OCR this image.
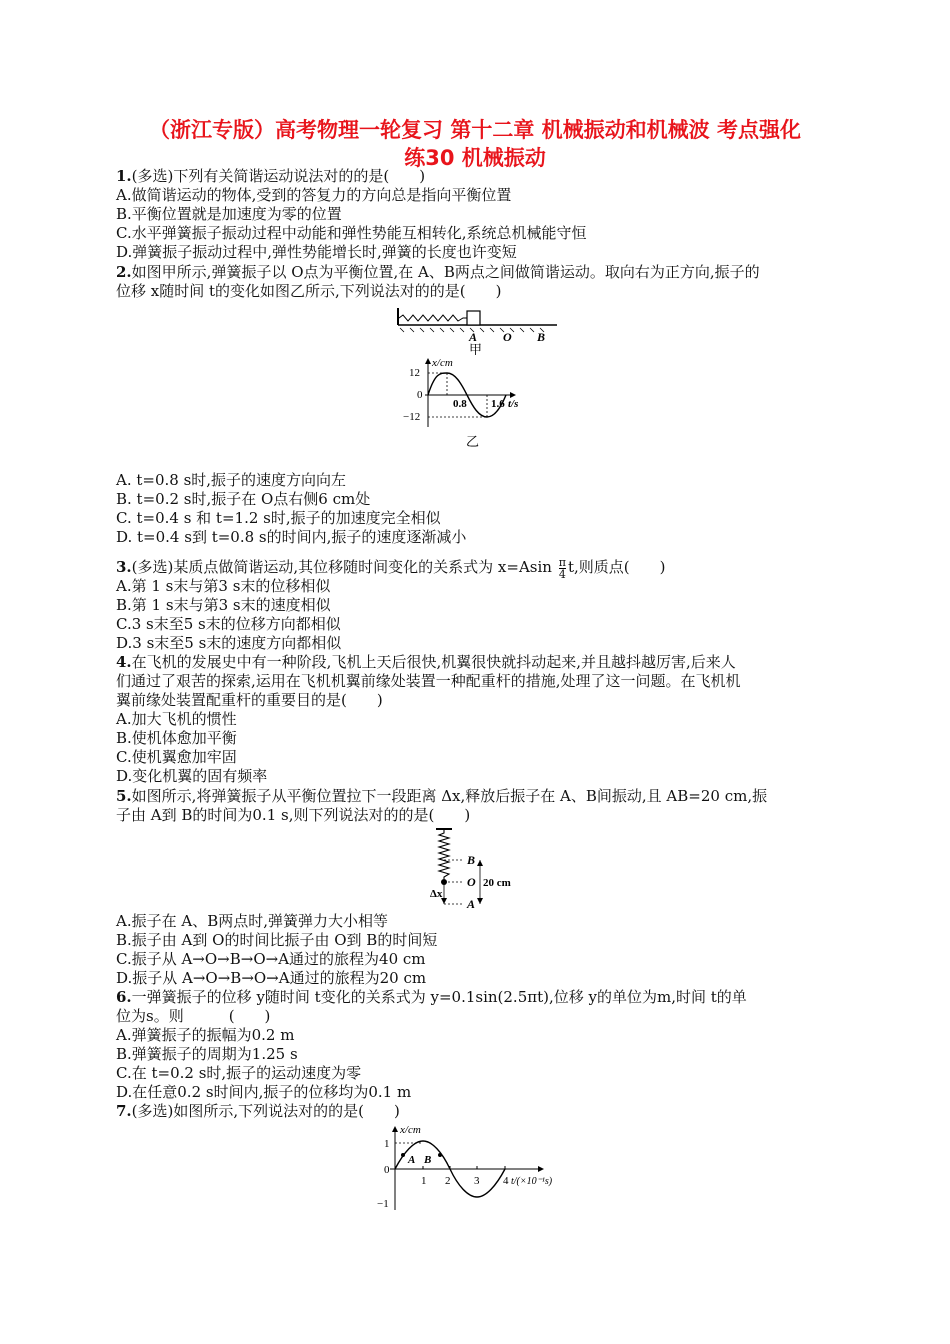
（浙江专版）高考物理一轮复习 第十二章 机械振动和机械波 考点强化
练30 机械振动
1.(多选)下列有关简谐运动说法对的的是(　　)
A.做简谐运动的物体,受到的答复力的方向总是指向平衡位置
B.平衡位置就是加速度为零的位置
C.水平弹簧振子振动过程中动能和弹性势能互相转化,系统总机械能守恒
D.弹簧振子振动过程中,弹性势能增长时,弹簧的长度也许变短
2.如图甲所示,弹簧振子以 O点为平衡位置,在 A、B两点之间做简谐运动。取向右为正方向,振子的
位移 x随时间 t的变化如图乙所示,下列说法对的的是(　　)
A O B
甲
x/cm
12
0
−12
0.8 1.6 t/s
乙
A. t=0.8 s时,振子的速度方向向左
B. t=0.2 s时,振子在 O点右侧6 cm处
C. t=0.4 s 和 t=1.2 s时,振子的加速度完全相似
D. t=0.4 s到 t=0.8 s的时间内,振子的速度逐渐减小
3.(多选)某质点做简谐运动,其位移随时间变化的关系式为 $x=Asin \frac{\pi}{4} t$,则质点(　　)
A.第 1 s末与第3 s末的位移相似
B.第 1 s末与第3 s末的速度相似
C.3 s末至5 s末的位移方向都相似
D.3 s末至5 s末的速度方向都相似
4.在飞机的发展史中有一种阶段,飞机上天后很快,机翼很快就抖动起来,并且越抖越厉害,后来人
们通过了艰苦的探索,运用在飞机机翼前缘处装置一种配重杆的措施,处理了这一问题。在飞机机
翼前缘处装置配重杆的重要目的是(　　)
A.加大飞机的惯性
B.使机体愈加平衡
C.使机翼愈加牢固
D.变化机翼的固有频率
5.如图所示,将弹簧振子从平衡位置拉下一段距离 Δx,释放后振子在 A、B间振动,且 AB=20 cm,振
子由 A到 B的时间为0.1 s,则下列说法对的的是(　　)
B
O
A
Δx
20 cm
A.振子在 A、B两点时,弹簧弹力大小相等
B.振子由 A到 O的时间比振子由 O到 B的时间短
C.振子从 A→O→B→O→A通过的旅程为40 cm
D.振子从 A→O→B→O→A通过的旅程为20 cm
6.一弹簧振子的位移 y随时间 t变化的关系式为 y=0.1sin(2.5πt),位移 y的单位为m,时间 t的单
位为s。则　　　(　　)
A.弹簧振子的振幅为0.2 m
B.弹簧振子的周期为1.25 s
C.在 t=0.2 s时,振子的运动速度为零
D.在任意0.2 s时间内,振子的位移均为0.1 m
7.(多选)如图所示,下列说法对的的是(　　)
x/cm
1
0
−1
A B
1 2 3 4 t/(×10⁻¹s)
